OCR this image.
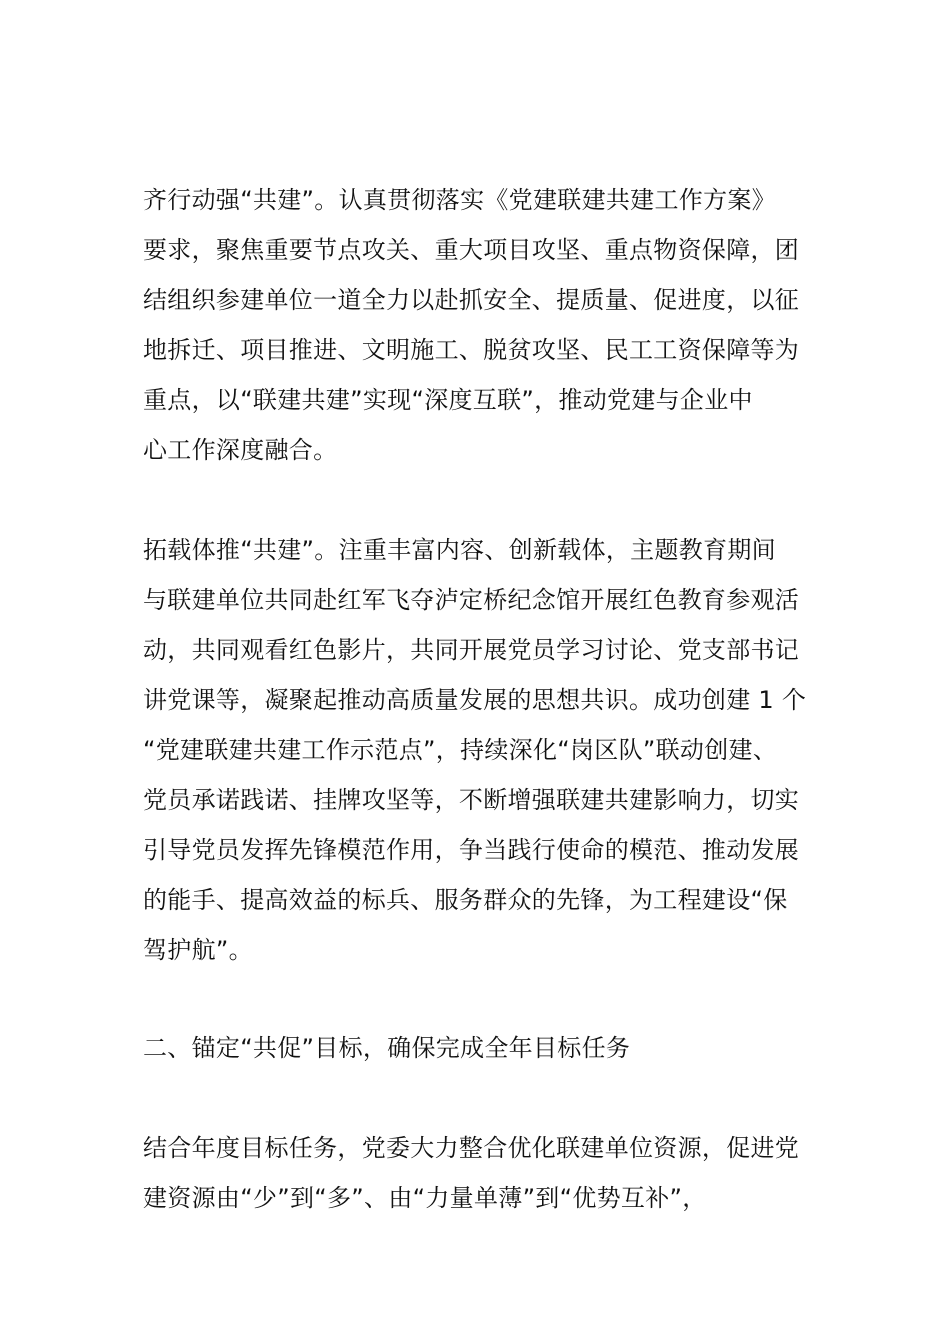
齐行动强“共建”。认真贯彻落实《党建联建共建工作方案》
要求，聚焦重要节点攻关、重大项目攻坚、重点物资保障，团
结组织参建单位一道全力以赴抓安全、提质量、促进度，以征
地拆迁、项目推进、文明施工、脱贫攻坚、民工工资保障等为
重点，以“联建共建”实现“深度互联”，推动党建与企业中
心工作深度融合。
拓载体推“共建”。注重丰富内容、创新载体，主题教育期间
与联建单位共同赴红军飞夺泸定桥纪念馆开展红色教育参观活
动，共同观看红色影片，共同开展党员学习讨论、党支部书记
讲党课等，凝聚起推动高质量发展的思想共识。成功创建 1 个
“党建联建共建工作示范点”，持续深化“岗区队”联动创建、
党员承诺践诺、挂牌攻坚等，不断增强联建共建影响力，切实
引导党员发挥先锋模范作用，争当践行使命的模范、推动发展
的能手、提高效益的标兵、服务群众的先锋，为工程建设“保
驾护航”。
二、锚定“共促”目标，确保完成全年目标任务
结合年度目标任务，党委大力整合优化联建单位资源，促进党
建资源由“少”到“多”、由“力量单薄”到“优势互补”，
